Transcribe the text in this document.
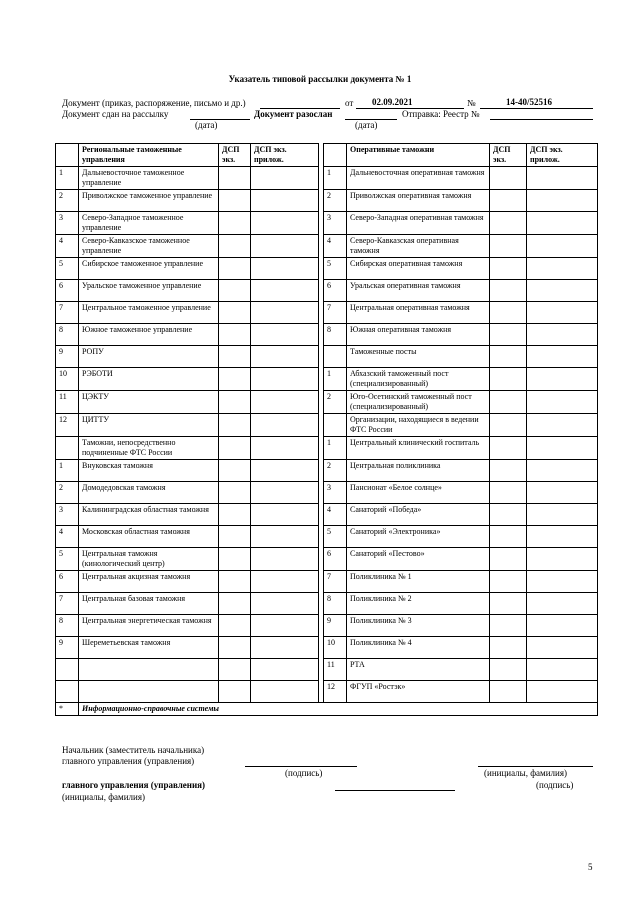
Указатель типовой рассылки документа № 1
Документ (приказ, распоряжение, письмо и др.)	от 02.09.2021	№	14-40/52516
Документ сдан на рассылку	Документ разослан	Отправка: Реестр №
(дата)	(дата)
	Региональные таможенные управления	ДСП экз.	ДСП экз. прилож.			Оперативные таможни	ДСП экз.	ДСП экз. прилож.
1	Дальневосточное таможенное управление				1	Дальневосточная оперативная таможня		
2	Приволжское таможенное управление				2	Приволжская оперативная таможня		
3	Северо-Западное таможенное управление				3	Северо-Западная оперативная таможня		
4	Северо-Кавказское таможенное управление				4	Северо-Кавказская оперативная таможня		
5	Сибирское таможенное управление				5	Сибирская оперативная таможня		
6	Уральское таможенное управление				6	Уральская оперативная таможня		
7	Центральное таможенное управление				7	Центральная оперативная таможня		
8	Южное таможенное управление				8	Южная оперативная таможня		
9	РОПУ					Таможенные посты		
10	РЭБОТИ				1	Абхазский таможенный пост (специализированный)		
11	ЦЭКТУ				2	Юго-Осетинский таможенный пост (специализированный)		
12	ЦИТТУ					Организации, находящиеся в ведении ФТС России		
	Таможни, непосредственно подчиненные ФТС России				1	Центральный клинический госпиталь		
1	Внуковская таможня				2	Центральная поликлиника		
2	Домодедовская таможня				3	Пансионат «Белое солнце»		
3	Калининградская областная таможня				4	Санаторий «Победа»		
4	Московская областная таможня				5	Санаторий «Электроника»		
5	Центральная таможня (кинологический центр)				6	Санаторий «Пестово»		
6	Центральная акцизная таможня				7	Поликлиника № 1		
7	Центральная базовая таможня				8	Поликлиника № 2		
8	Центральная энергетическая таможня				9	Поликлиника № 3		
9	Шереметьевская таможня				10	Поликлиника № 4		
					11	РТА		
					12	ФГУП «Ростэк»		
*	Информационно-справочные системы							
Начальник (заместитель начальника)
главного управления (управления)
(подпись)	(инициалы, фамилия)
главного управления (управления)	(подпись)
(инициалы, фамилия)
5
